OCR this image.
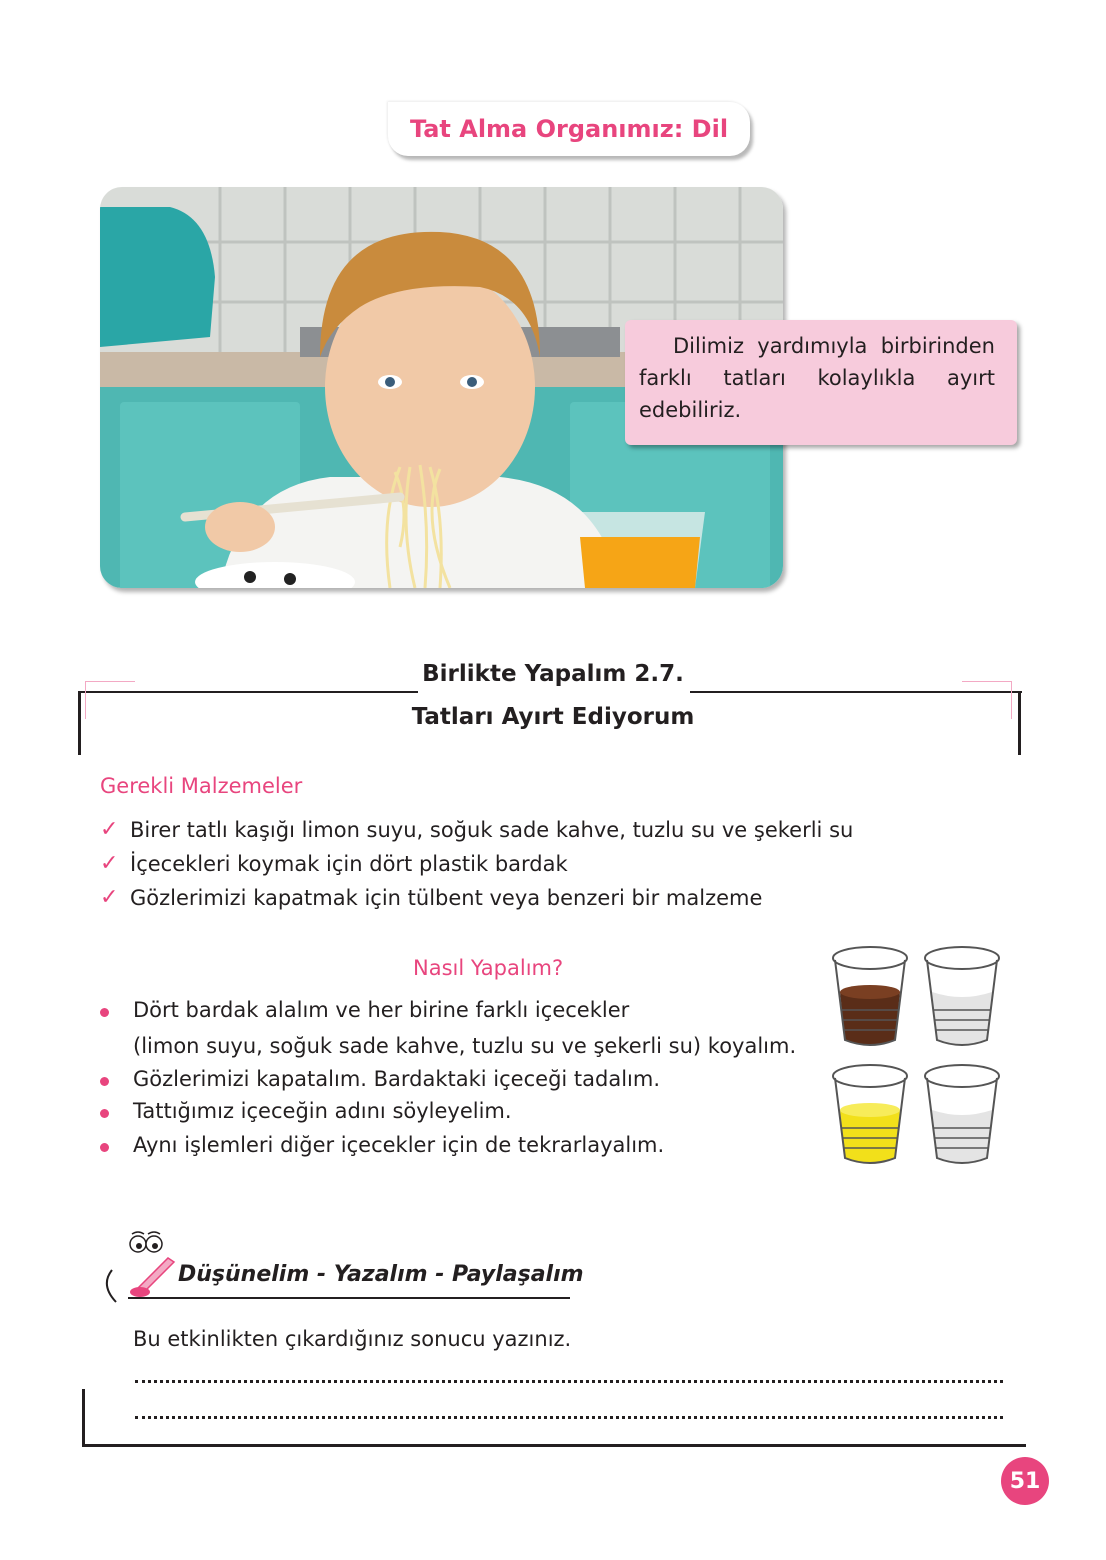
Tat Alma Organımız: Dil

Dilimiz yardımıyla birbirinden farklı tatları kolaylıkla ayırt edebiliriz.

Birlikte Yapalım 2.7.
Tatları Ayırt Ediyorum
Gerekli Malzemeler
✓ Birer tatlı kaşığı limon suyu, soğuk sade kahve, tuzlu su ve şekerli su
✓ İçecekleri koymak için dört plastik bardak
✓ Gözlerimizi kapatmak için tülbent veya benzeri bir malzeme
Nasıl Yapalım?
Dört bardak alalım ve her birine farklı içecekler
(limon suyu, soğuk sade kahve, tuzlu su ve şekerli su) koyalım.
Gözlerimizi kapatalım. Bardaktaki içeceği tadalım.
Tattığımız içeceğin adını söyleyelim.
Aynı işlemleri diğer içecekler için de tekrarlayalım.
Düşünelim - Yazalım - Paylaşalım
Bu etkinlikten çıkardığınız sonucu yazınız.
51
